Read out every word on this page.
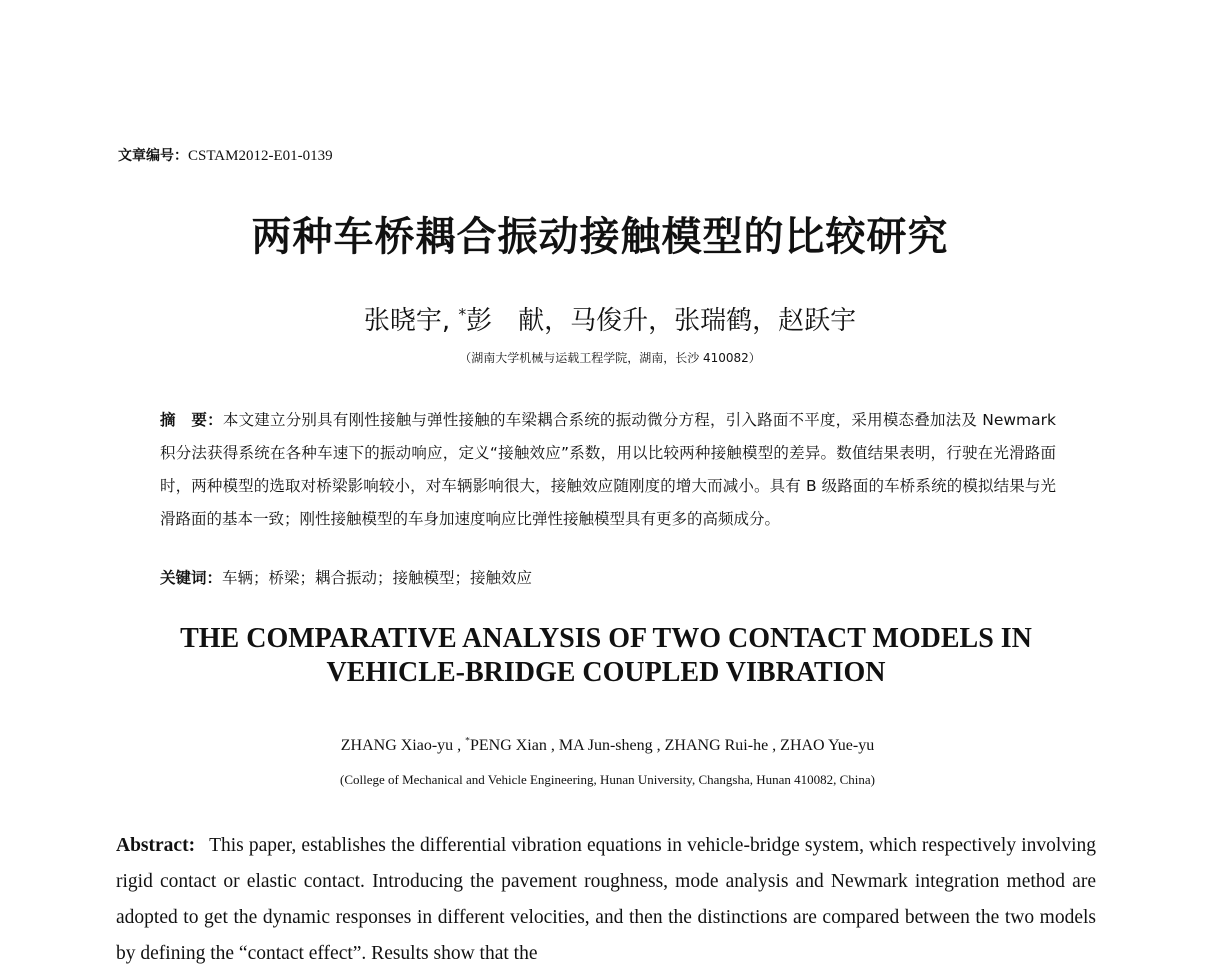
文章编号：CSTAM2012-E01-0139
两种车桥耦合振动接触模型的比较研究
张晓宇, *彭　献，马俊升，张瑞鹤，赵跃宇
（湖南大学机械与运载工程学院，湖南，长沙 410082）
摘　要：本文建立分别具有刚性接触与弹性接触的车梁耦合系统的振动微分方程，引入路面不平度，采用模态叠加法及 Newmark 积分法获得系统在各种车速下的振动响应，定义“接触效应”系数，用以比较两种接触模型的差异。数值结果表明，行驶在光滑路面时，两种模型的选取对桥梁影响较小，对车辆影响很大，接触效应随刚度的增大而减小。具有 B 级路面的车桥系统的模拟结果与光滑路面的基本一致；刚性接触模型的车身加速度响应比弹性接触模型具有更多的高频成分。
关键词：车辆；桥梁；耦合振动；接触模型；接触效应
THE COMPARATIVE ANALYSIS OF TWO CONTACT MODELS IN
VEHICLE-BRIDGE COUPLED VIBRATION
ZHANG Xiao-yu , *PENG Xian , MA Jun-sheng , ZHANG Rui-he , ZHAO Yue-yu
(College of Mechanical and Vehicle Engineering, Hunan University, Changsha, Hunan 410082, China)
Abstract: This paper, establishes the differential vibration equations in vehicle-bridge system, which respectively involving rigid contact or elastic contact. Introducing the pavement roughness, mode analysis and Newmark integration method are adopted to get the dynamic responses in different velocities, and then the distinctions are compared between the two models by defining the “contact effect”. Results show that the
